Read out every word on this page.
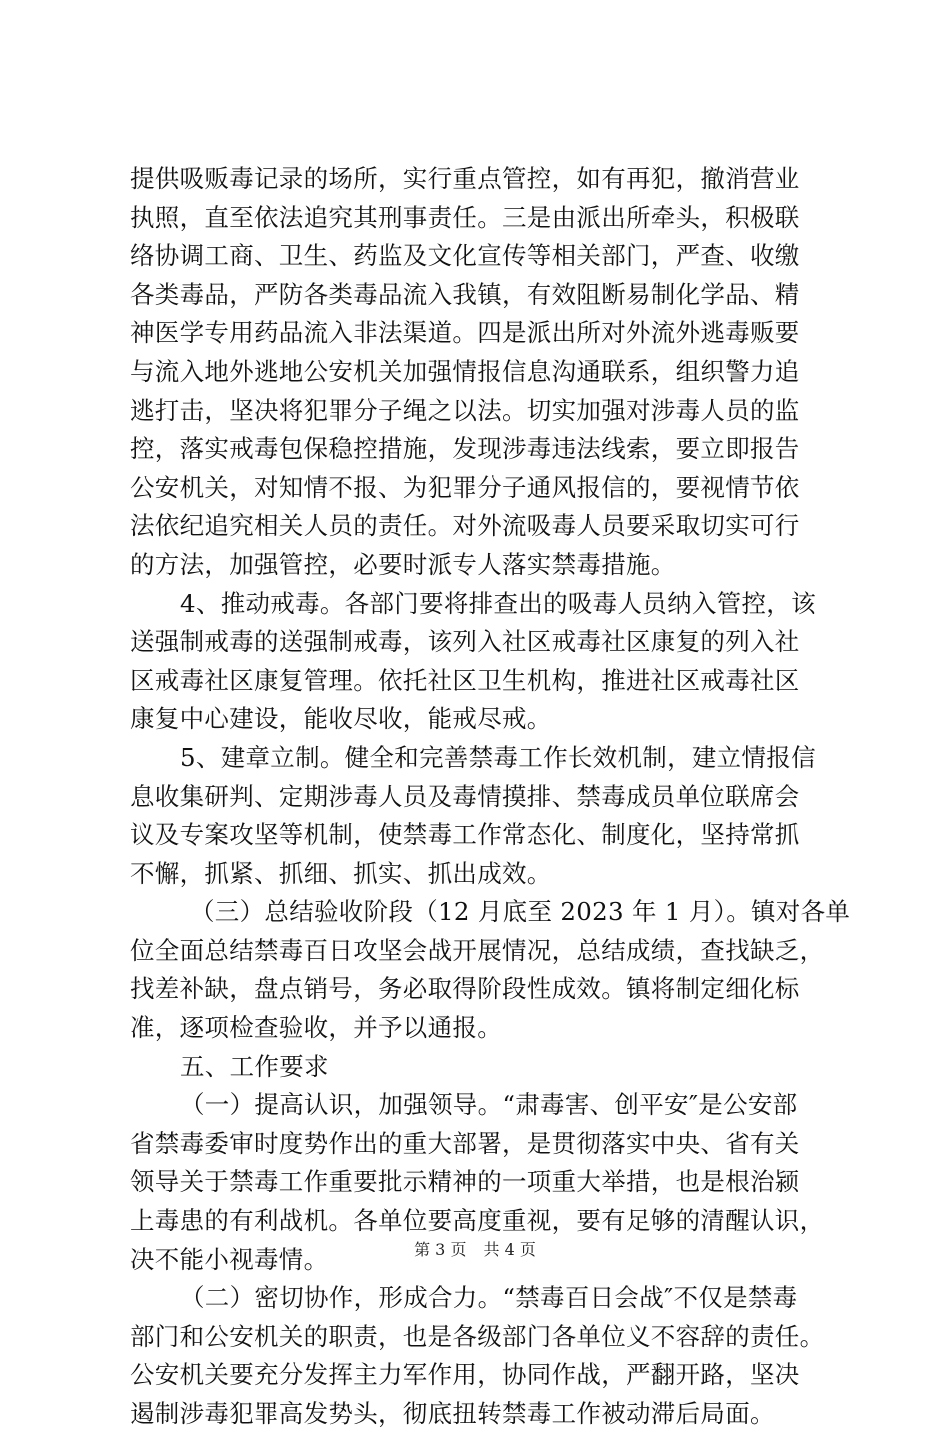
提供吸贩毒记录的场所，实行重点管控，如有再犯，撤消营业
执照，直至依法追究其刑事责任。三是由派出所牵头，积极联
络协调工商、卫生、药监及文化宣传等相关部门，严查、收缴
各类毒品，严防各类毒品流入我镇，有效阻断易制化学品、精
神医学专用药品流入非法渠道。四是派出所对外流外逃毒贩要
与流入地外逃地公安机关加强情报信息沟通联系，组织警力追
逃打击，坚决将犯罪分子绳之以法。切实加强对涉毒人员的监
控，落实戒毒包保稳控措施，发现涉毒违法线索，要立即报告
公安机关，对知情不报、为犯罪分子通风报信的，要视情节依
法依纪追究相关人员的责任。对外流吸毒人员要采取切实可行
的方法，加强管控，必要时派专人落实禁毒措施。
4、推动戒毒。各部门要将排查出的吸毒人员纳入管控，该
送强制戒毒的送强制戒毒，该列入社区戒毒社区康复的列入社
区戒毒社区康复管理。依托社区卫生机构，推进社区戒毒社区
康复中心建设，能收尽收，能戒尽戒。
5、建章立制。健全和完善禁毒工作长效机制，建立情报信
息收集研判、定期涉毒人员及毒情摸排、禁毒成员单位联席会
议及专案攻坚等机制，使禁毒工作常态化、制度化，坚持常抓
不懈，抓紧、抓细、抓实、抓出成效。
（三）总结验收阶段（12 月底至 2023 年 1 月）。镇对各单
位全面总结禁毒百日攻坚会战开展情况，总结成绩，查找缺乏，
找差补缺，盘点销号，务必取得阶段性成效。镇将制定细化标
准，逐项检查验收，并予以通报。
五、工作要求
（一）提高认识，加强领导。“肃毒害、创平安″是公安部
省禁毒委审时度势作出的重大部署，是贯彻落实中央、省有关
领导关于禁毒工作重要批示精神的一项重大举措，也是根治颍
上毒患的有利战机。各单位要高度重视，要有足够的清醒认识，
决不能小视毒情。
（二）密切协作，形成合力。“禁毒百日会战″不仅是禁毒
部门和公安机关的职责，也是各级部门各单位义不容辞的责任。
公安机关要充分发挥主力军作用，协同作战，严翻开路，坚决
遏制涉毒犯罪高发势头，彻底扭转禁毒工作被动滞后局面。
第 3 页 共 4 页
